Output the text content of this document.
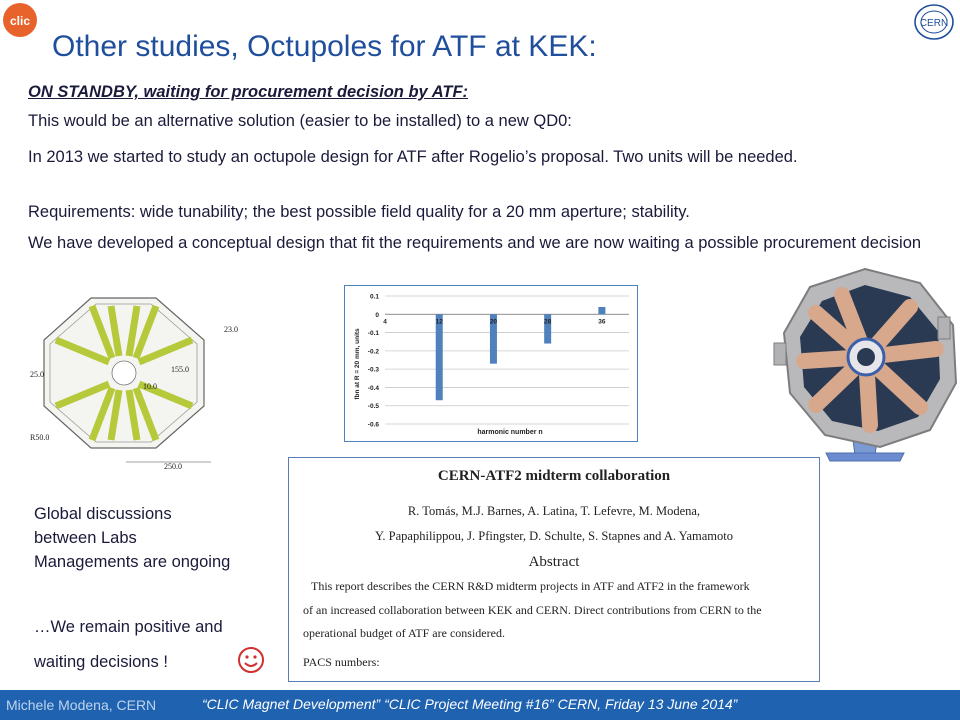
clic	CERN
Other studies, Octupoles for ATF at KEK:
ON STANDBY, waiting for procurement decision by ATF:
This would be an alternative solution (easier to be installed) to a new QD0:
In 2013 we started to study an octupole design for ATF after Rogelio’s proposal. Two units will be needed.
Requirements: wide tunability; the best possible field quality for a 20 mm aperture; stability.
We have developed a conceptual design that fit the requirements and we are now waiting a possible procurement decision
23.0
155.0
10.0
25.0
R50.0
250.0
0.1
0
-0.1
-0.2
-0.3
-0.4
-0.5
-0.6
4	12	20	28	36
harmonic number n
fbn at R = 20 mm, units
CERN-ATF2 midterm collaboration
R. Tomás, M.J. Barnes, A. Latina, T. Lefevre, M. Modena,
Y. Papaphilippou, J. Pfingster, D. Schulte, S. Stapnes and A. Yamamoto
Abstract
This report describes the CERN R&D midterm projects in ATF and ATF2 in the framework
of an increased collaboration between KEK and CERN. Direct contributions from CERN to the
operational budget of ATF are considered.
PACS numbers:
Global discussions
between Labs
Managements are ongoing
…We remain positive and
waiting decisions !
Michele Modena, CERN	“CLIC Magnet Development” “CLIC Project Meeting #16” CERN, Friday 13 June 2014”
